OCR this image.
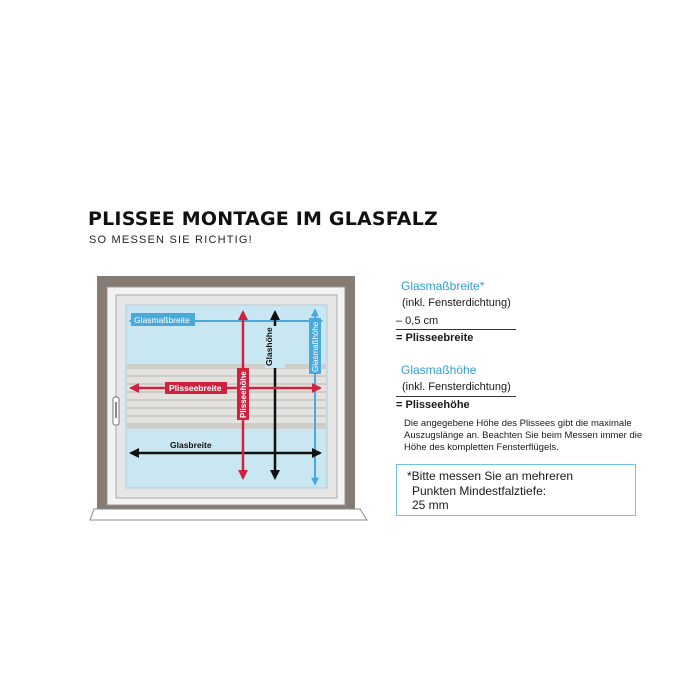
PLISSEE MONTAGE IM GLASFALZ
SO MESSEN SIE RICHTIG!
Glasmaßbreite
Glasmaßhöhe
Plisseebreite Plisseehöhe
Glashöhe
Glasbreite
Glasmaßbreite*
(inkl. Fensterdichtung)
– 0,5 cm
= Plisseebreite
Glasmaßhöhe
(inkl. Fensterdichtung)
= Plisseehöhe
Die angegebene Höhe des Plissees gibt die maximale Auszugslänge an. Beachten Sie beim Messen immer die Höhe des kompletten Fensterflügels.
*Bitte messen Sie an mehreren
Punkten Mindestfalztiefe:
25 mm
